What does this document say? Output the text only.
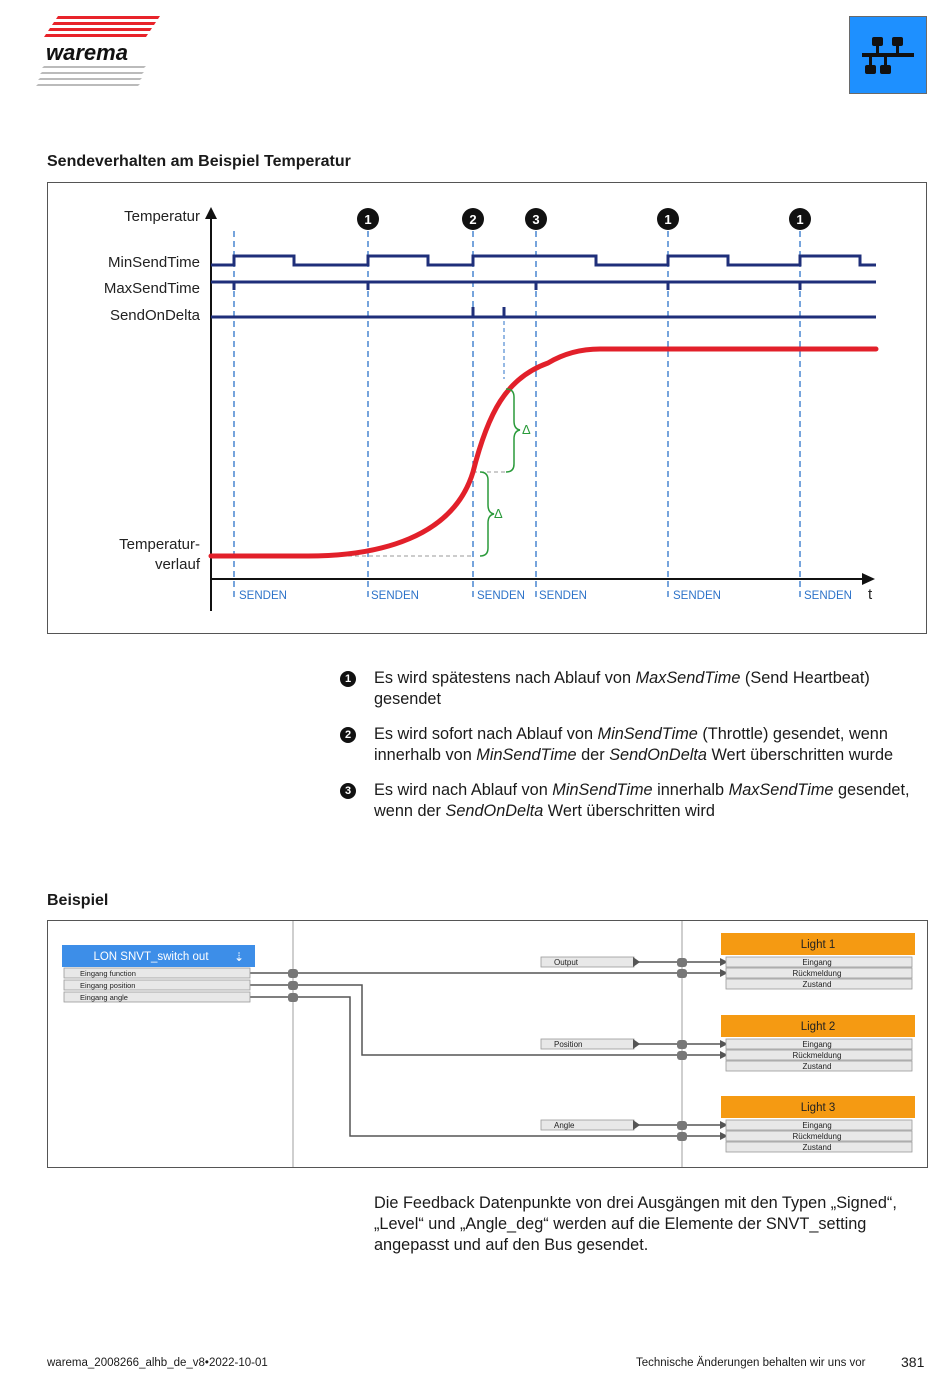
warema
Sendeverhalten am Beispiel Temperatur
Δ
Δ
Temperatur
MinSendTime
MaxSendTime
SendOnDelta
Temperatur-
verlauf
t
1	2	3	1	1
SENDEN	SENDEN	SENDEN SENDEN	SENDEN	SENDEN
1	Es wird spätestens nach Ablauf von MaxSendTime (Send Heartbeat) gesendet
2	Es wird sofort nach Ablauf von MinSendTime (Throttle) gesendet, wenn innerhalb von MinSendTime der SendOnDelta Wert überschritten wurde
3	Es wird nach Ablauf von MinSendTime innerhalb MaxSendTime gesendet, wenn der SendOnDelta Wert überschritten wird
Beispiel
LON SNVT_switch out ⇣
Eingang function
Eingang position
Eingang angle
Output
Position
Angle
Light 1
Eingang
Rückmeldung
Zustand
Light 2
Eingang
Rückmeldung
Zustand
Light 3
Eingang
Rückmeldung
Zustand
Die Feedback Datenpunkte von drei Ausgängen mit den Typen „Signed“, „Level“ und „Angle_deg“ werden auf die Elemente der SNVT_setting angepasst und auf den Bus gesendet.
warema_2008266_alhb_de_v8•2022-10-01	Technische Änderungen behalten wir uns vor	381
